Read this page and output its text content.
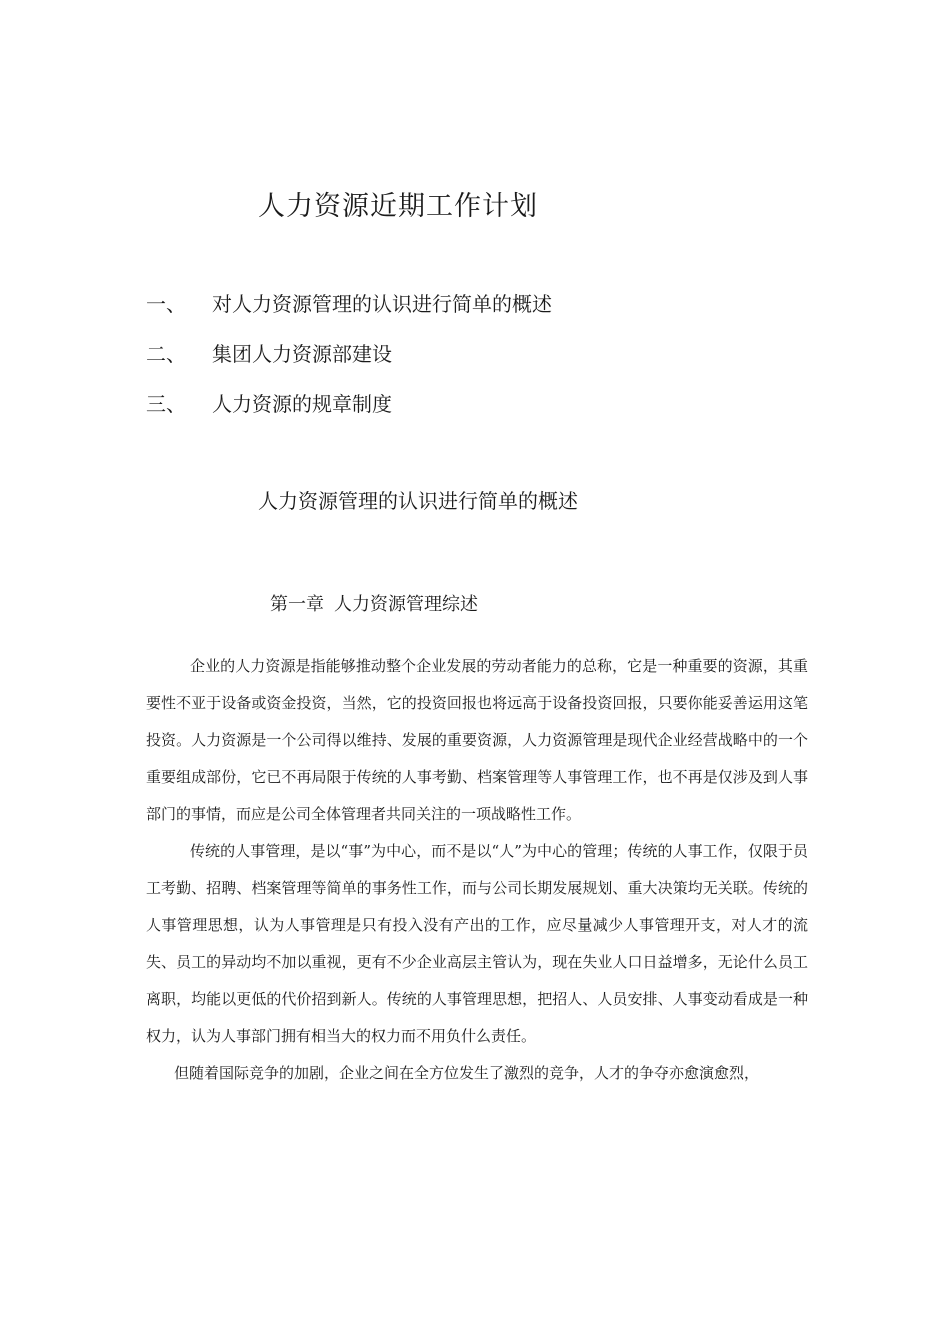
人力资源近期工作计划
一、 对人力资源管理的认识进行简单的概述
二、 集团人力资源部建设
三、 人力资源的规章制度
人力资源管理的认识进行简单的概述
第一章 人力资源管理综述

企业的人力资源是指能够推动整个企业发展的劳动者能力的总称，它是一种重要的资源，其重要性不亚于设备或资金投资，当然，它的投资回报也将远高于设备投资回报，只要你能妥善运用这笔投资。人力资源是一个公司得以维持、发展的重要资源，人力资源管理是现代企业经营战略中的一个重要组成部份，它已不再局限于传统的人事考勤、档案管理等人事管理工作，也不再是仅涉及到人事部门的事情，而应是公司全体管理者共同关注的一项战略性工作。

传统的人事管理，是以“事”为中心，而不是以“人”为中心的管理；传统的人事工作，仅限于员工考勤、招聘、档案管理等简单的事务性工作，而与公司长期发展规划、重大决策均无关联。传统的人事管理思想，认为人事管理是只有投入没有产出的工作，应尽量减少人事管理开支，对人才的流失、员工的异动均不加以重视，更有不少企业高层主管认为，现在失业人口日益增多，无论什么员工离职，均能以更低的代价招到新人。传统的人事管理思想，把招人、人员安排、人事变动看成是一种权力，认为人事部门拥有相当大的权力而不用负什么责任。

但随着国际竞争的加剧，企业之间在全方位发生了激烈的竞争，人才的争夺亦愈演愈烈，
